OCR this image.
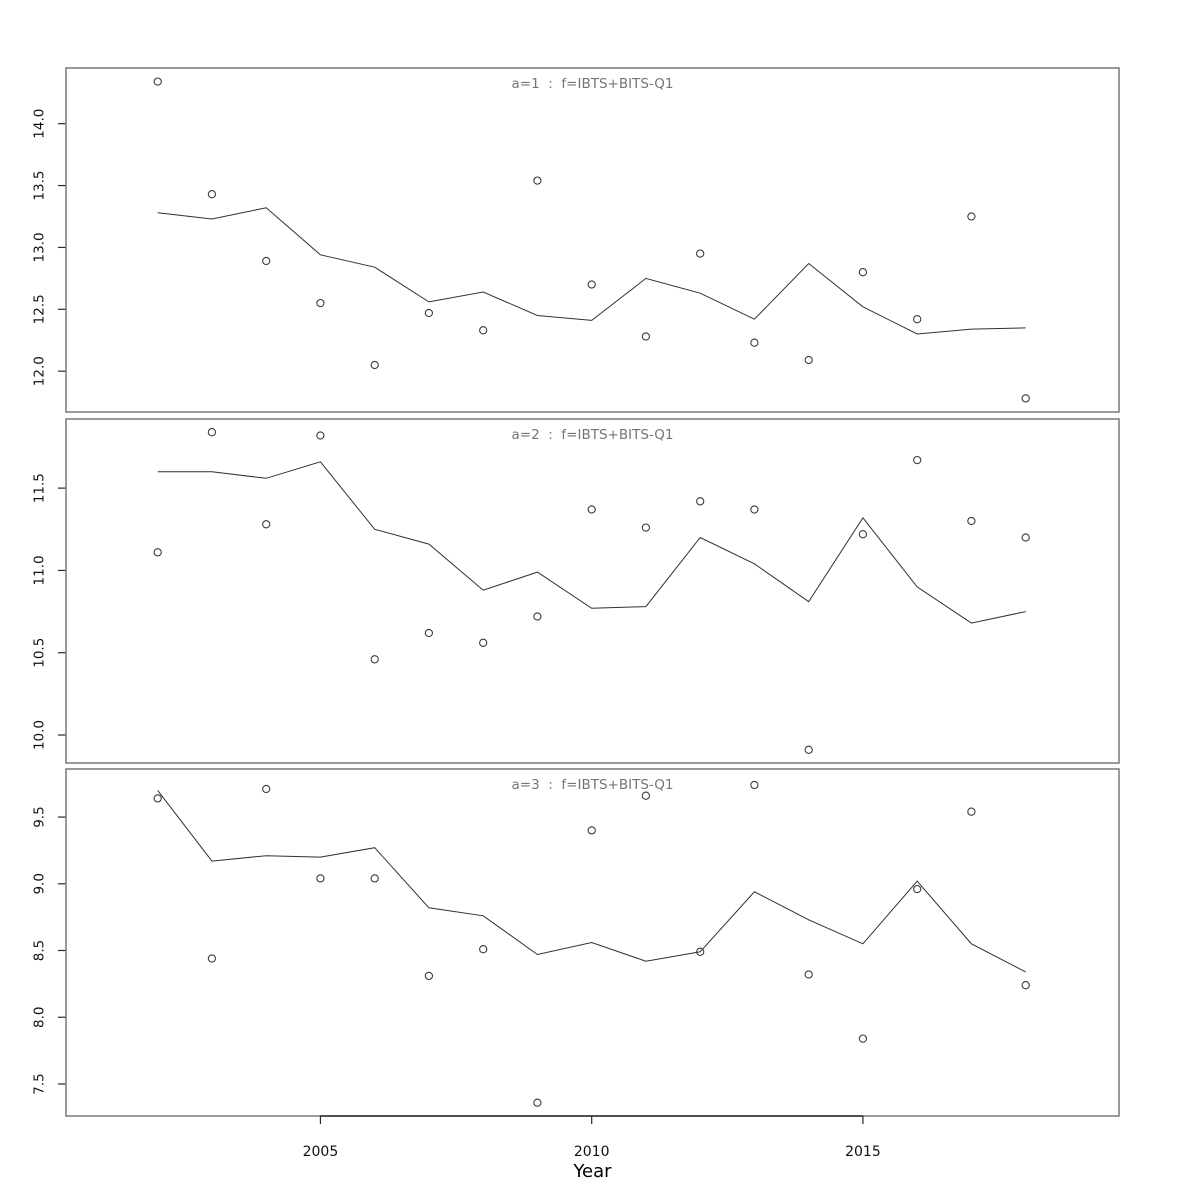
12.0
12.5
13.0
13.5
14.0
10.0
10.5
11.0
11.5
7.5
8.0
8.5
9.0
9.5
2005	2010	2015
a=1  :  f=IBTS+BITS-Q1
a=2  :  f=IBTS+BITS-Q1
a=3  :  f=IBTS+BITS-Q1
Year
